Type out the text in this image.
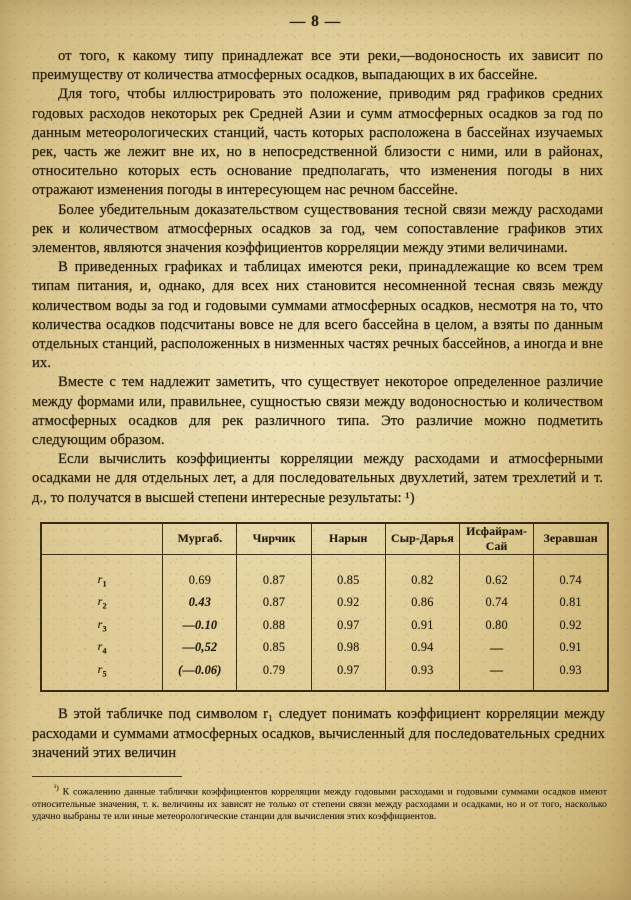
— 8 —

от того, к какому типу принадлежат все эти реки,—водоносность их зависит по преимуществу от количества атмосферных осадков, выпадающих в их бассейне.

Для того, чтобы иллюстрировать это положение, приводим ряд графиков средних годовых расходов некоторых рек Средней Азии и сумм атмосферных осадков за год по данным метеорологических станций, часть которых расположена в бассейнах изучаемых рек, часть же лежит вне их, но в непосредственной близости с ними, или в районах, относительно которых есть основание предполагать, что изменения погоды в них отражают изменения погоды в интересующем нас речном бассейне.

Более убедительным доказательством существования тесной связи между расходами рек и количеством атмосферных осадков за год, чем сопоставление графиков этих элементов, являются значения коэффициентов корреляции между этими величинами.

В приведенных графиках и таблицах имеются реки, принадлежащие ко всем трем типам питания, и, однако, для всех них становится несомненной тесная связь между количеством воды за год и годовыми суммами атмосферных осадков, несмотря на то, что количества осадков подсчитаны вовсе не для всего бассейна в целом, а взяты по данным отдельных станций, расположенных в низменных частях речных бассейнов, а иногда и вне их.

Вместе с тем надлежит заметить, что существует некоторое определенное различие между формами или, правильнее, сущностью связи между водоносностью и количеством атмосферных осадков для рек различного типа. Это различие можно подметить следующим образом.

Если вычислить коэффициенты корреляции между расходами и атмосферными осадками не для отдельных лет, а для последовательных двухлетий, затем трехлетий и т. д., то получатся в высшей степени интересные результаты: ¹)

	Мургаб.	Чирчик	Нарын	Сыр-Дарья	Исфайрам-Сай	Зеравшан

$r_1$	0.69	0.87	0.85	0.82	0.62	0.74
$r_2$	0.43	0.87	0.92	0.86	0.74	0.81
$r_3$	—0.10	0.88	0.97	0.91	0.80	0.92
$r_4$	—0,52	0.85	0.98	0.94	—	0.91
$r_5$	(—0.06)	0.79	0.97	0.93	—	0.93

В этой табличке под символом r₁ следует понимать коэффициент корреляции между расходами и суммами атмосферных осадков, вычисленный для последовательных средних значений этих величин

$^{^1)}$ К сожалению данные таблички коэффициентов корреляции между годовыми расходами и годовыми суммами осадков имеют относительные значения, т. к. величины их зависят не только от степени связи между расходами и осадками, но и от того, насколько удачно выбраны те или иные метеорологические станции для вычисления этих коэффициентов.
